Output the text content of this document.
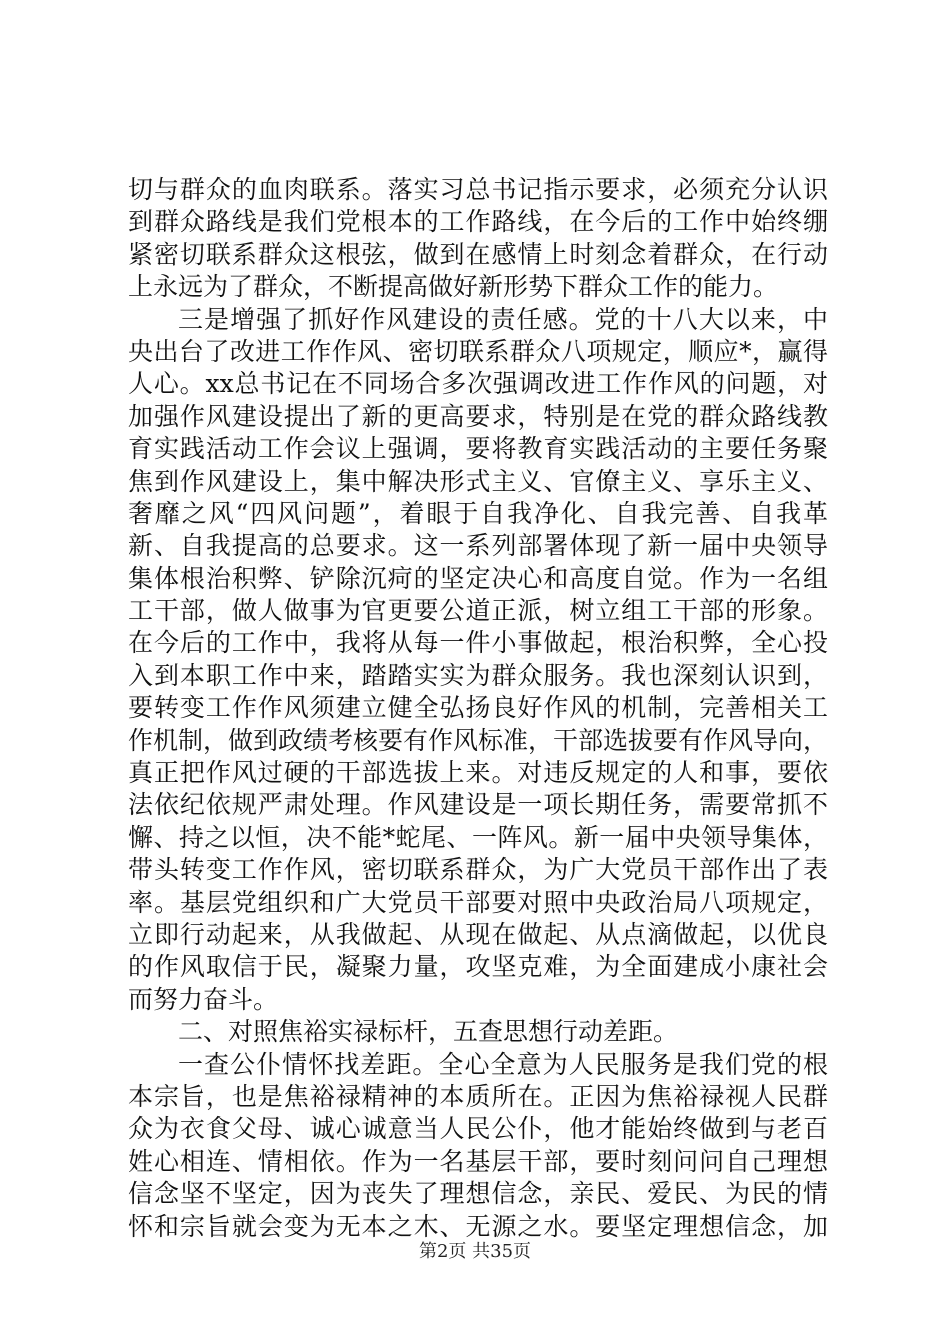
切与群众的血肉联系。落实习总书记指示要求，必须充分认识
到群众路线是我们党根本的工作路线，在今后的工作中始终绷
紧密切联系群众这根弦，做到在感情上时刻念着群众，在行动
上永远为了群众，不断提高做好新形势下群众工作的能力。
三是增强了抓好作风建设的责任感。党的十八大以来，中
央出台了改进工作作风、密切联系群众八项规定，顺应*，赢得
人心。xx总书记在不同场合多次强调改进工作作风的问题，对
加强作风建设提出了新的更高要求，特别是在党的群众路线教
育实践活动工作会议上强调，要将教育实践活动的主要任务聚
焦到作风建设上，集中解决形式主义、官僚主义、享乐主义、
奢靡之风“四风问题”，着眼于自我净化、自我完善、自我革
新、自我提高的总要求。这一系列部署体现了新一届中央领导
集体根治积弊、铲除沉疴的坚定决心和高度自觉。作为一名组
工干部，做人做事为官更要公道正派，树立组工干部的形象。
在今后的工作中，我将从每一件小事做起，根治积弊，全心投
入到本职工作中来，踏踏实实为群众服务。我也深刻认识到，
要转变工作作风须建立健全弘扬良好作风的机制，完善相关工
作机制，做到政绩考核要有作风标准，干部选拔要有作风导向，
真正把作风过硬的干部选拔上来。对违反规定的人和事，要依
法依纪依规严肃处理。作风建设是一项长期任务，需要常抓不
懈、持之以恒，决不能*蛇尾、一阵风。新一届中央领导集体，
带头转变工作作风，密切联系群众，为广大党员干部作出了表
率。基层党组织和广大党员干部要对照中央政治局八项规定，
立即行动起来，从我做起、从现在做起、从点滴做起，以优良
的作风取信于民，凝聚力量，攻坚克难，为全面建成小康社会
而努力奋斗。
二、对照焦裕实禄标杆，五查思想行动差距。
一查公仆情怀找差距。全心全意为人民服务是我们党的根
本宗旨，也是焦裕禄精神的本质所在。正因为焦裕禄视人民群
众为衣食父母、诚心诚意当人民公仆，他才能始终做到与老百
姓心相连、情相依。作为一名基层干部，要时刻问问自己理想
信念坚不坚定，因为丧失了理想信念，亲民、爱民、为民的情
怀和宗旨就会变为无本之木、无源之水。要坚定理想信念，加
第2页 共35页
